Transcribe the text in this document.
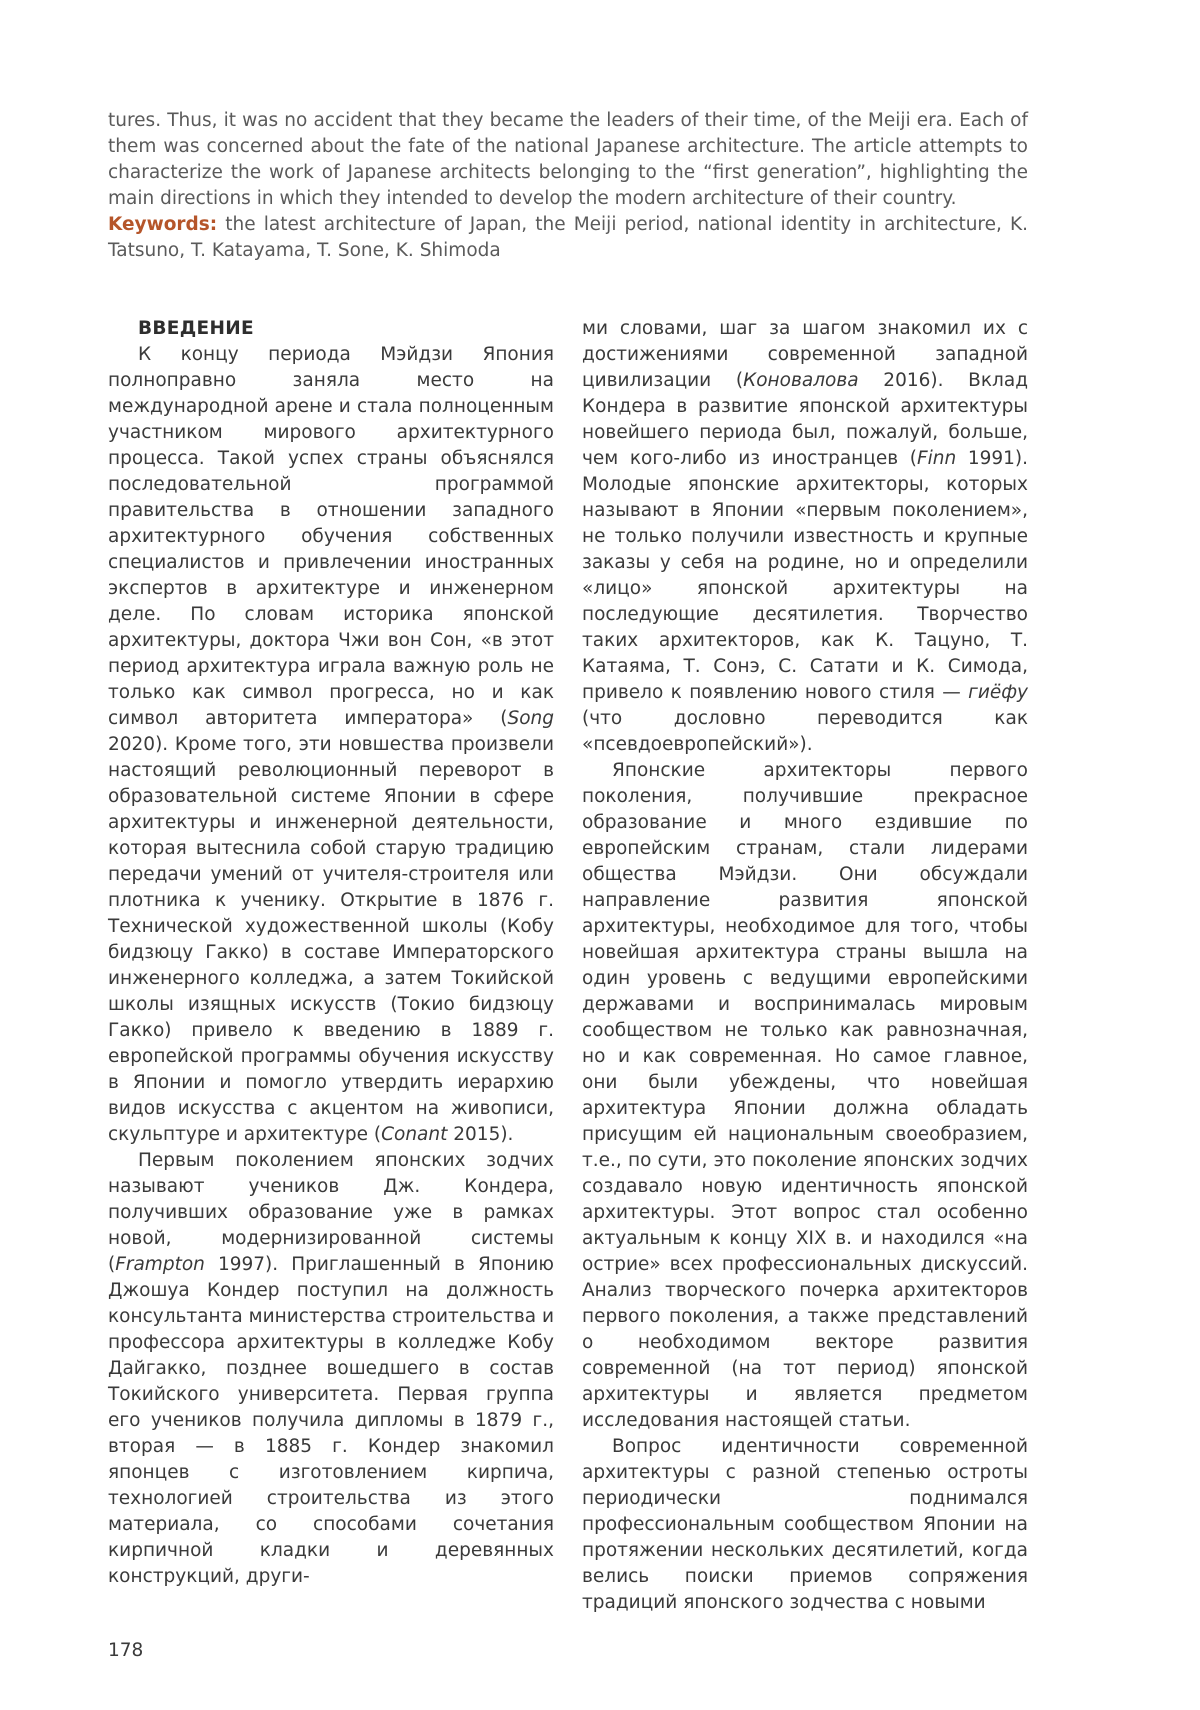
tures. Thus, it was no accident that they became the leaders of their time, of the Meiji era. Each of them was concerned about the fate of the national Japanese architecture. The article attempts to characterize the work of Japanese architects belonging to the “first generation”, highlighting the main directions in which they intended to develop the modern architecture of their country.

Keywords: the latest architecture of Japan, the Meiji period, national identity in architecture, K. Tatsuno, T. Katayama, T. Sone, K. Shimoda

ВВЕДЕНИЕ

К концу периода Мэйдзи Япония полноправно заняла место на международной арене и стала полноценным участником мирового архитектурного процесса. Такой успех страны объяснялся последовательной программой правительства в отношении западного архитектурного обучения собственных специалистов и привлечении иностранных экспертов в архитектуре и инженерном деле. По словам историка японской архитектуры, доктора Чжи вон Сон, «в этот период архитектура играла важную роль не только как символ прогресса, но и как символ авторитета императора» (Song 2020). Кроме того, эти новшества произвели настоящий революционный переворот в образовательной системе Японии в сфере архитектуры и инженерной деятельности, которая вытеснила собой старую традицию передачи умений от учителя-строителя или плотника к ученику. Открытие в 1876 г. Технической художественной школы (Кобу бидзюцу Гакко) в составе Императорского инженерного колледжа, а затем Токийской школы изящных искусств (Токио бидзюцу Гакко) привело к введению в 1889 г. европейской программы обучения искусству в Японии и помогло утвердить иерархию видов искусства с акцентом на живописи, скульптуре и архитектуре (Conant 2015).

Первым поколением японских зодчих называют учеников Дж. Кондера, получивших образование уже в рамках новой, модернизированной системы (Frampton 1997). Приглашенный в Японию Джошуа Кондер поступил на должность консультанта министерства строительства и профессора архитектуры в колледже Кобу Дайгакко, позднее вошедшего в состав Токийского университета. Первая группа его учеников получила дипломы в 1879 г., вторая — в 1885 г. Кондер знакомил японцев с изготовлением кирпича, технологией строительства из этого материала, со способами сочетания кирпичной кладки и деревянных конструкций, други-

ми словами, шаг за шагом знакомил их с достижениями современной западной цивилизации (Коновалова 2016). Вклад Кондера в развитие японской архитектуры новейшего периода был, пожалуй, больше, чем кого-либо из иностранцев (Finn 1991). Молодые японские архитекторы, которых называют в Японии «первым поколением», не только получили известность и крупные заказы у себя на родине, но и определили «лицо» японской архитектуры на последующие десятилетия. Творчество таких архитекторов, как К. Тацуно, Т. Катаяма, Т. Сонэ, С. Сатати и К. Симода, привело к появлению нового стиля — гиёфу (что дословно переводится как «псевдоевропейский»).

Японские архитекторы первого поколения, получившие прекрасное образование и много ездившие по европейским странам, стали лидерами общества Мэйдзи. Они обсуждали направление развития японской архитектуры, необходимое для того, чтобы новейшая архитектура страны вышла на один уровень с ведущими европейскими державами и воспринималась мировым сообществом не только как равнозначная, но и как современная. Но самое главное, они были убеждены, что новейшая архитектура Японии должна обладать присущим ей национальным своеобразием, т.е., по сути, это поколение японских зодчих создавало новую идентичность японской архитектуры. Этот вопрос стал особенно актуальным к концу XIX в. и находился «на острие» всех профессиональных дискуссий. Анализ творческого почерка архитекторов первого поколения, а также представлений о необходимом векторе развития современной (на тот период) японской архитектуры и является предметом исследования настоящей статьи.

Вопрос идентичности современной архитектуры с разной степенью остроты периодически поднимался профессиональным сообществом Японии на протяжении нескольких десятилетий, когда велись поиски приемов сопряжения традиций японского зодчества с новыми

178
